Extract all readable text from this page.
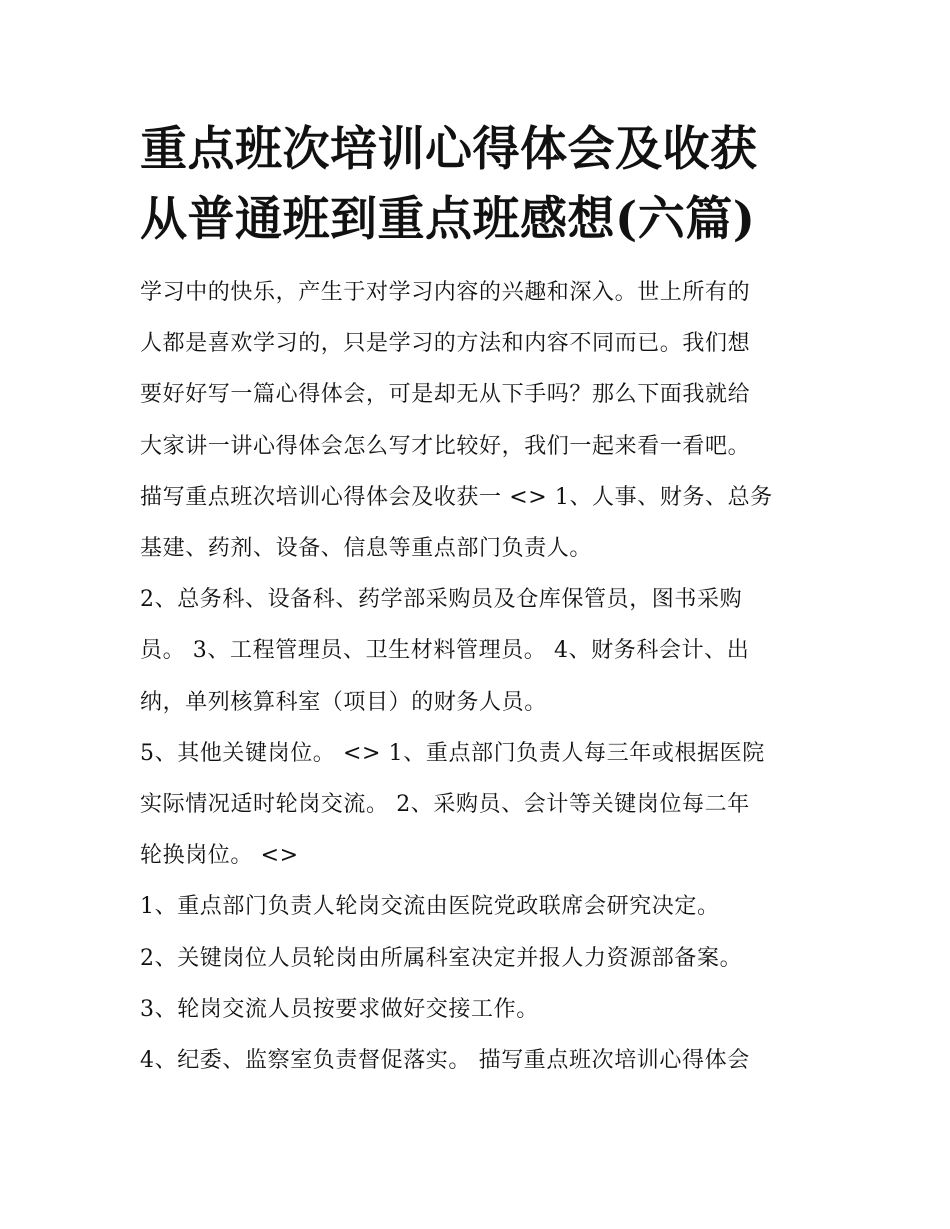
重点班次培训心得体会及收获
从普通班到重点班感想(六篇)
学习中的快乐，产生于对学习内容的兴趣和深入。世上所有的
人都是喜欢学习的，只是学习的方法和内容不同而已。我们想
要好好写一篇心得体会，可是却无从下手吗？那么下面我就给
大家讲一讲心得体会怎么写才比较好，我们一起来看一看吧。
描写重点班次培训心得体会及收获一 <> 1、人事、财务、总务
基建、药剂、设备、信息等重点部门负责人。
2、总务科、设备科、药学部采购员及仓库保管员，图书采购
员。 3、工程管理员、卫生材料管理员。 4、财务科会计、出
纳，单列核算科室（项目）的财务人员。
5、其他关键岗位。 <> 1、重点部门负责人每三年或根据医院
实际情况适时轮岗交流。 2、采购员、会计等关键岗位每二年
轮换岗位。 <>
1、重点部门负责人轮岗交流由医院党政联席会研究决定。
2、关键岗位人员轮岗由所属科室决定并报人力资源部备案。
3、轮岗交流人员按要求做好交接工作。
4、纪委、监察室负责督促落实。 描写重点班次培训心得体会
